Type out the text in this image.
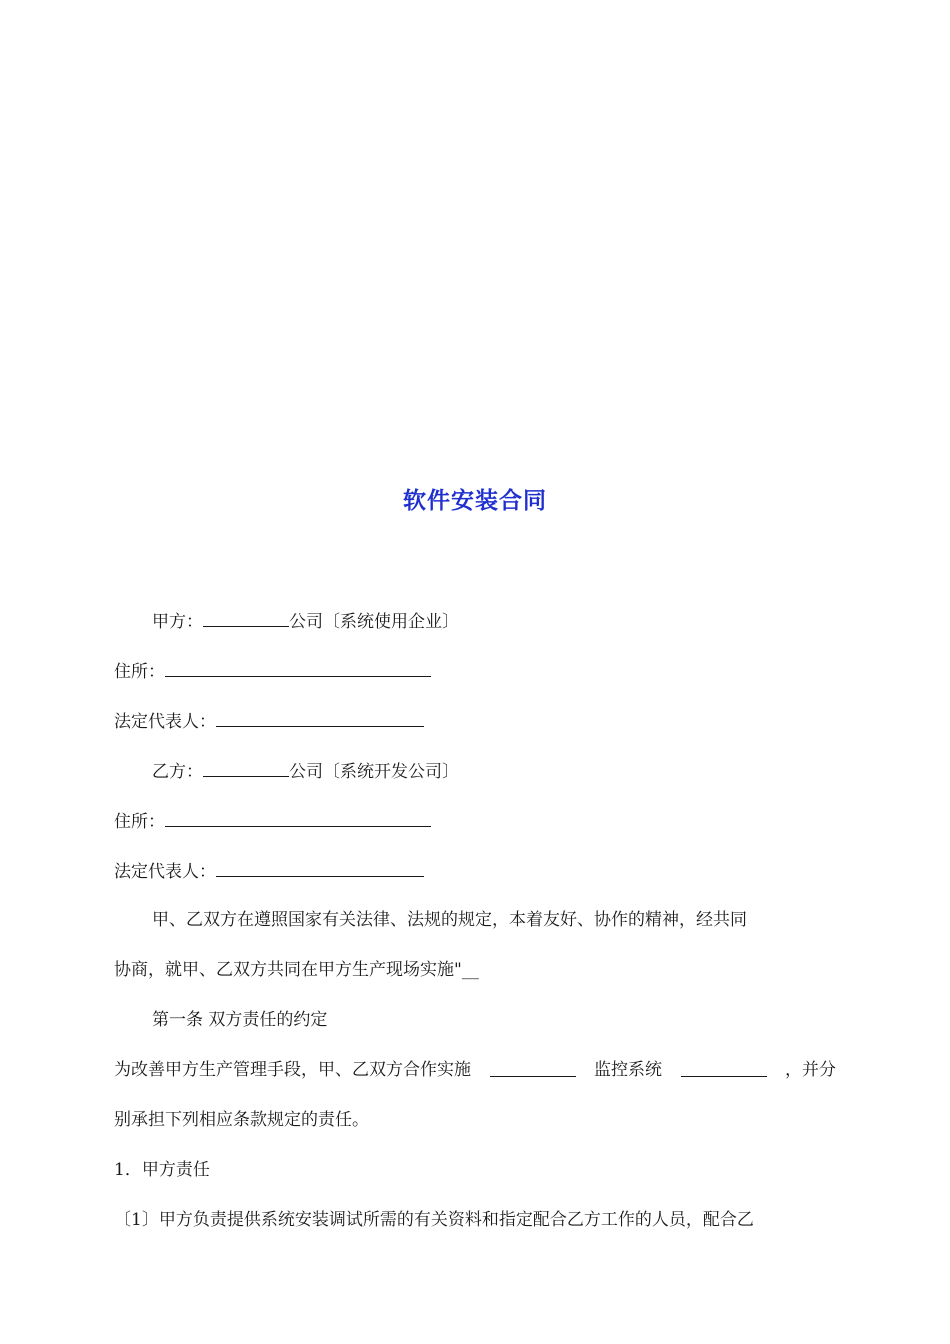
软件安装合同
甲方：	公司〔系统使用企业〕
住所：
法定代表人：
乙方：	公司〔系统开发公司〕
住所：
法定代表人：
甲、乙双方在遵照国家有关法律、法规的规定，本着友好、协作的精神，经共同
协商，就甲、乙双方共同在甲方生产现场实施"__
第一条 双方责任的约定
为改善甲方生产管理手段，甲、乙双方合作实施	监控系统	，并分
别承担下列相应条款规定的责任。
1．甲方责任
〔1〕甲方负责提供系统安装调试所需的有关资料和指定配合乙方工作的人员，配合乙
